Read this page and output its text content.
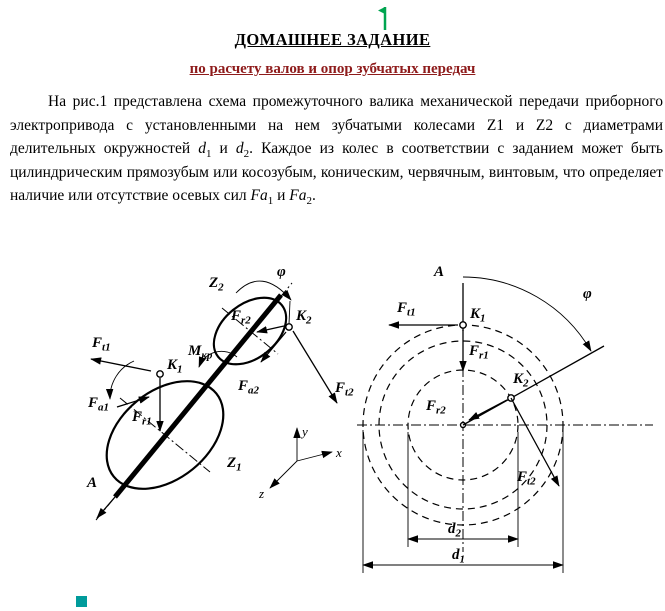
ДОМАШНЕЕ ЗАДАНИЕ
по расчету валов и опор зубчатых передач

На рис.1 представлена схема промежуточного валика механической передачи приборного электропривода с установленными на нем зубчатыми колесами Z1 и Z2 с диаметрами делительных окружностей $d_1$ и $d_2$. Каждое из колес в соответствии с заданием может быть цилиндрическим прямозубым или косозубым, коническим, червячным, винтовым, что определяет наличие или отсутствие осевых сил $Fa_1$ и $Fa_2$.

A
$Z_1$
$Z_2$
$K_1$
$F_{r1}$
$F_{t1}$
$F_{a1}$
$M_{кр}$
φ
$K_2$
$F_{r2}$
$F_{a2}$	$F_{t2}$
y
x
z
A
$K_1$
$F_{t1}$
$F_{r1}$
$K_2$
$F_{r2}$
$F_{t2}$
φ
$d_2$
$d_1$
